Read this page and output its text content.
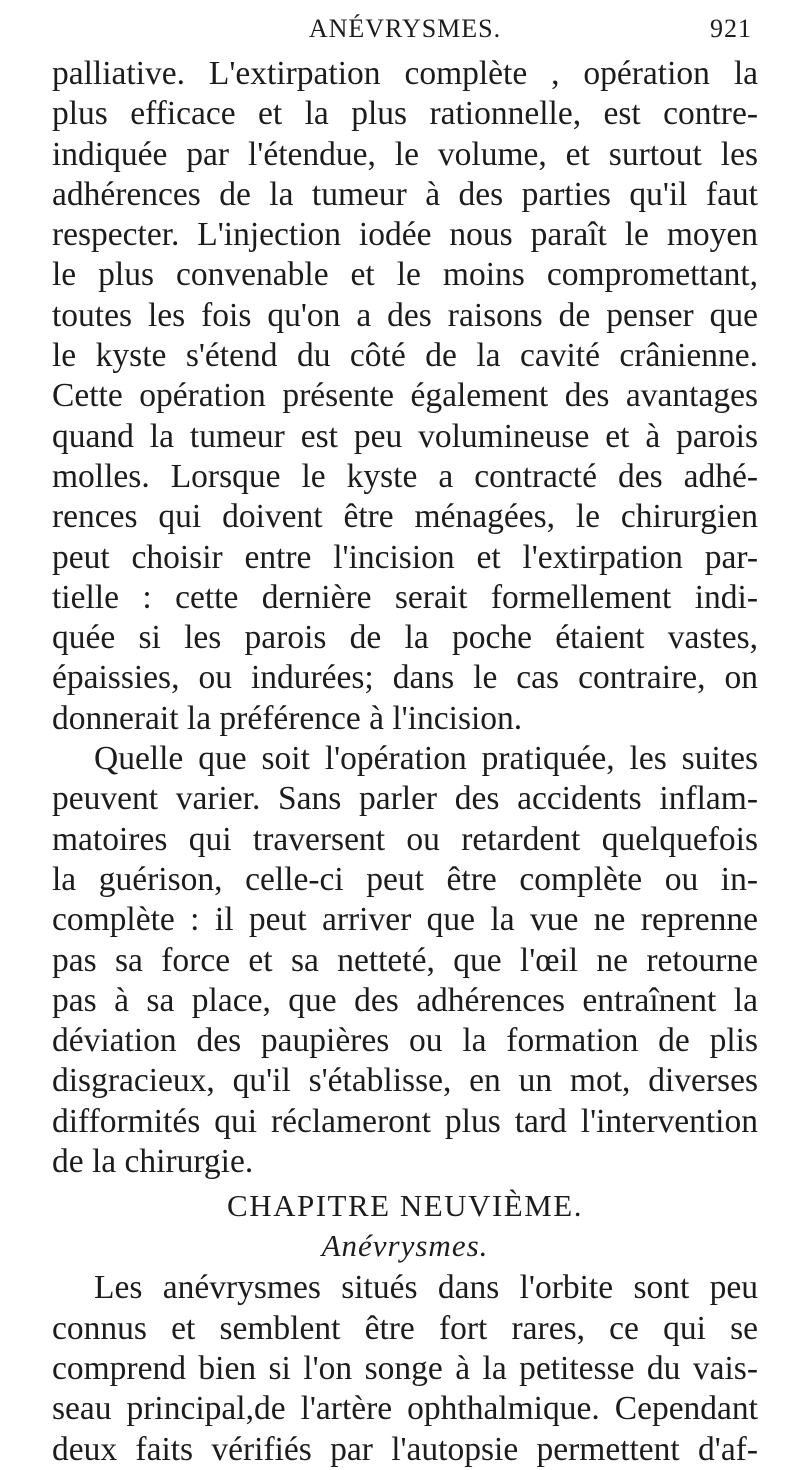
ANÉVRYSMES.	921

palliative. L'extirpation complète , opération la
plus efficace et la plus rationnelle, est contre-
indiquée par l'étendue, le volume, et surtout les
adhérences de la tumeur à des parties qu'il faut
respecter. L'injection iodée nous paraît le moyen
le plus convenable et le moins compromettant,
toutes les fois qu'on a des raisons de penser que
le kyste s'étend du côté de la cavité crânienne.
Cette opération présente également des avantages
quand la tumeur est peu volumineuse et à parois
molles. Lorsque le kyste a contracté des adhé-
rences qui doivent être ménagées, le chirurgien
peut choisir entre l'incision et l'extirpation par-
tielle : cette dernière serait formellement indi-
quée si les parois de la poche étaient vastes,
épaissies, ou indurées; dans le cas contraire, on
donnerait la préférence à l'incision.

Quelle que soit l'opération pratiquée, les suites
peuvent varier. Sans parler des accidents inflam-
matoires qui traversent ou retardent quelquefois
la guérison, celle-ci peut être complète ou in-
complète : il peut arriver que la vue ne reprenne
pas sa force et sa netteté, que l'œil ne retourne
pas à sa place, que des adhérences entraînent la
déviation des paupières ou la formation de plis
disgracieux, qu'il s'établisse, en un mot, diverses
difformités qui réclameront plus tard l'intervention
de la chirurgie.

CHAPITRE NEUVIÈME.
Anévrysmes.

Les anévrysmes situés dans l'orbite sont peu
connus et semblent être fort rares, ce qui se
comprend bien si l'on songe à la petitesse du vais-
seau principal,de l'artère ophthalmique. Cependant
deux faits vérifiés par l'autopsie permettent d'af-
